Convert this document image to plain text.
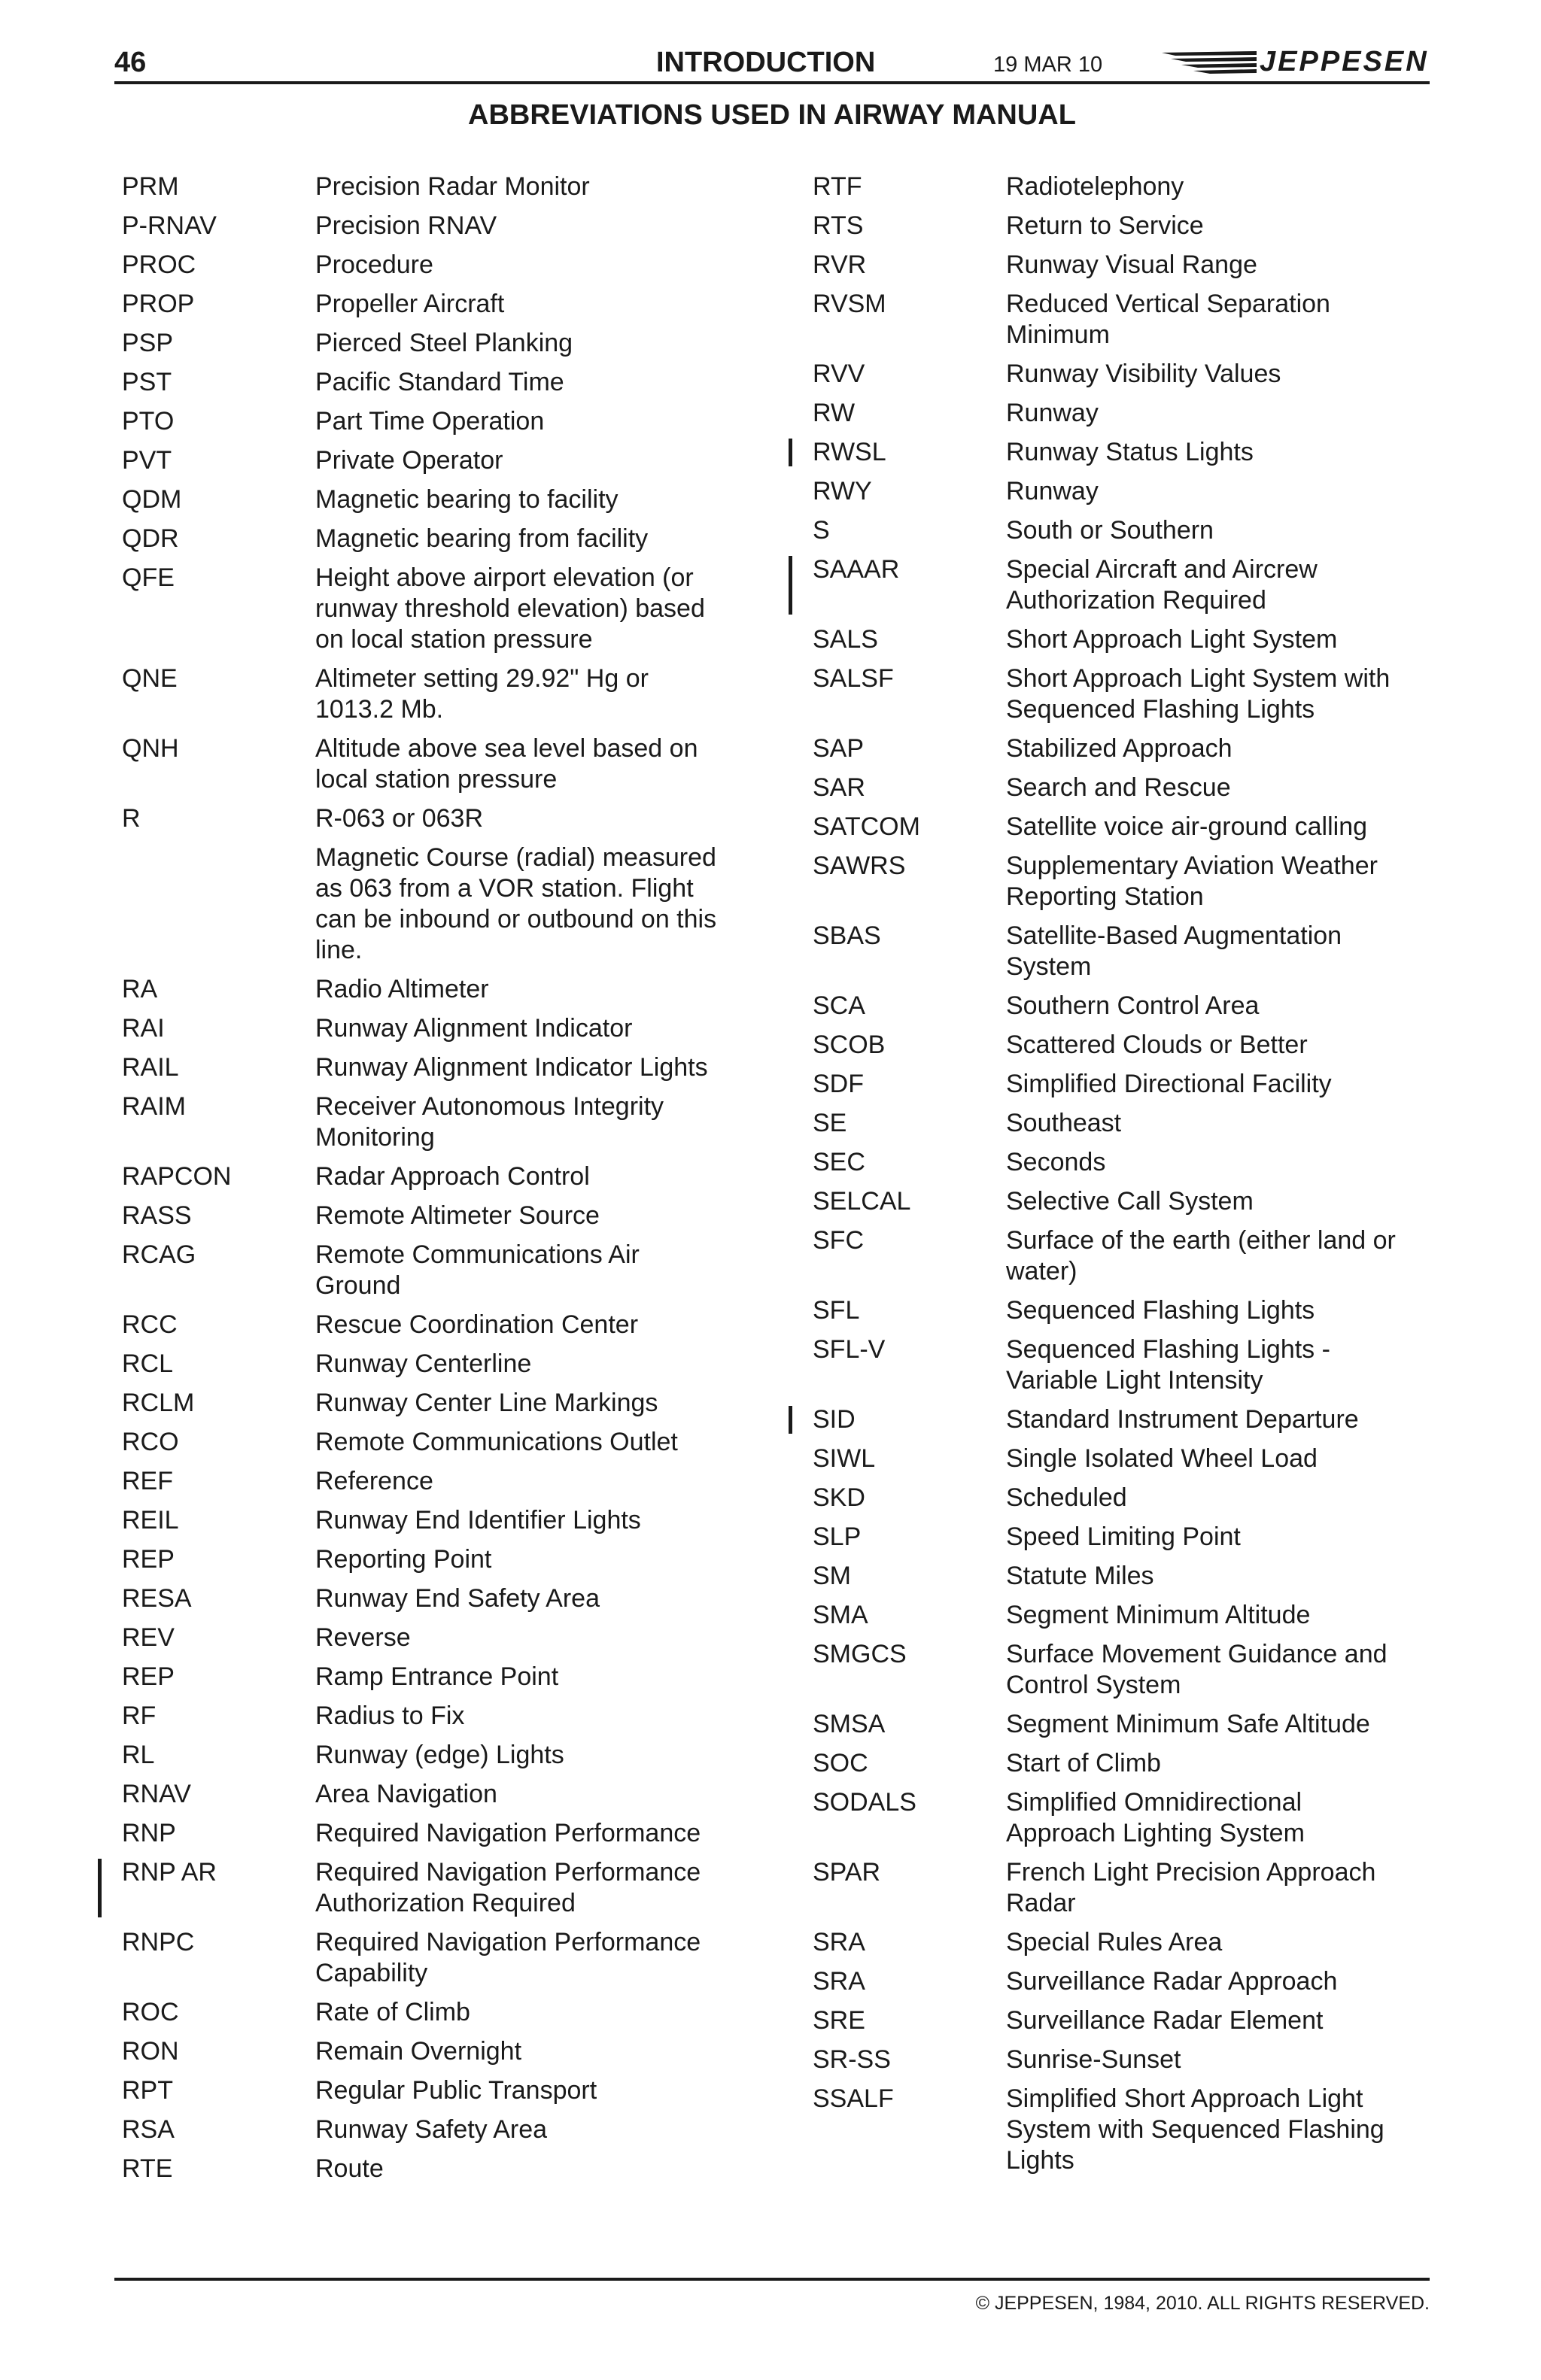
46	INTRODUCTION	19 MAR 10	JEPPESEN
ABBREVIATIONS USED IN AIRWAY MANUAL
PRM	Precision Radar Monitor
P-RNAV	Precision RNAV
PROC	Procedure
PROP	Propeller Aircraft
PSP	Pierced Steel Planking
PST	Pacific Standard Time
PTO	Part Time Operation
PVT	Private Operator
QDM	Magnetic bearing to facility
QDR	Magnetic bearing from facility
QFE	Height above airport elevation (or runway threshold elevation) based on local station pressure
QNE	Altimeter setting 29.92" Hg or 1013.2 Mb.
QNH	Altitude above sea level based on local station pressure
R	R-063 or 063R
Magnetic Course (radial) measured as 063 from a VOR station. Flight can be inbound or outbound on this line.
RA	Radio Altimeter
RAI	Runway Alignment Indicator
RAIL	Runway Alignment Indicator Lights
RAIM	Receiver Autonomous Integrity Monitoring
RAPCON	Radar Approach Control
RASS	Remote Altimeter Source
RCAG	Remote Communications Air Ground
RCC	Rescue Coordination Center
RCL	Runway Centerline
RCLM	Runway Center Line Markings
RCO	Remote Communications Outlet
REF	Reference
REIL	Runway End Identifier Lights
REP	Reporting Point
RESA	Runway End Safety Area
REV	Reverse
REP	Ramp Entrance Point
RF	Radius to Fix
RL	Runway (edge) Lights
RNAV	Area Navigation
RNP	Required Navigation Performance
RNP AR	Required Navigation Performance Authorization Required
RNPC	Required Navigation Performance Capability
ROC	Rate of Climb
RON	Remain Overnight
RPT	Regular Public Transport
RSA	Runway Safety Area
RTE	Route
RTF	Radiotelephony
RTS	Return to Service
RVR	Runway Visual Range
RVSM	Reduced Vertical Separation Minimum
RVV	Runway Visibility Values
RW	Runway
RWSL	Runway Status Lights
RWY	Runway
S	South or Southern
SAAAR	Special Aircraft and Aircrew Authorization Required
SALS	Short Approach Light System
SALSF	Short Approach Light System with Sequenced Flashing Lights
SAP	Stabilized Approach
SAR	Search and Rescue
SATCOM	Satellite voice air-ground calling
SAWRS	Supplementary Aviation Weather Reporting Station
SBAS	Satellite-Based Augmentation System
SCA	Southern Control Area
SCOB	Scattered Clouds or Better
SDF	Simplified Directional Facility
SE	Southeast
SEC	Seconds
SELCAL	Selective Call System
SFC	Surface of the earth (either land or water)
SFL	Sequenced Flashing Lights
SFL-V	Sequenced Flashing Lights - Variable Light Intensity
SID	Standard Instrument Departure
SIWL	Single Isolated Wheel Load
SKD	Scheduled
SLP	Speed Limiting Point
SM	Statute Miles
SMA	Segment Minimum Altitude
SMGCS	Surface Movement Guidance and Control System
SMSA	Segment Minimum Safe Altitude
SOC	Start of Climb
SODALS	Simplified Omnidirectional Approach Lighting System
SPAR	French Light Precision Approach Radar
SRA	Special Rules Area
SRA	Surveillance Radar Approach
SRE	Surveillance Radar Element
SR-SS	Sunrise-Sunset
SSALF	Simplified Short Approach Light System with Sequenced Flashing Lights
© JEPPESEN, 1984, 2010. ALL RIGHTS RESERVED.
